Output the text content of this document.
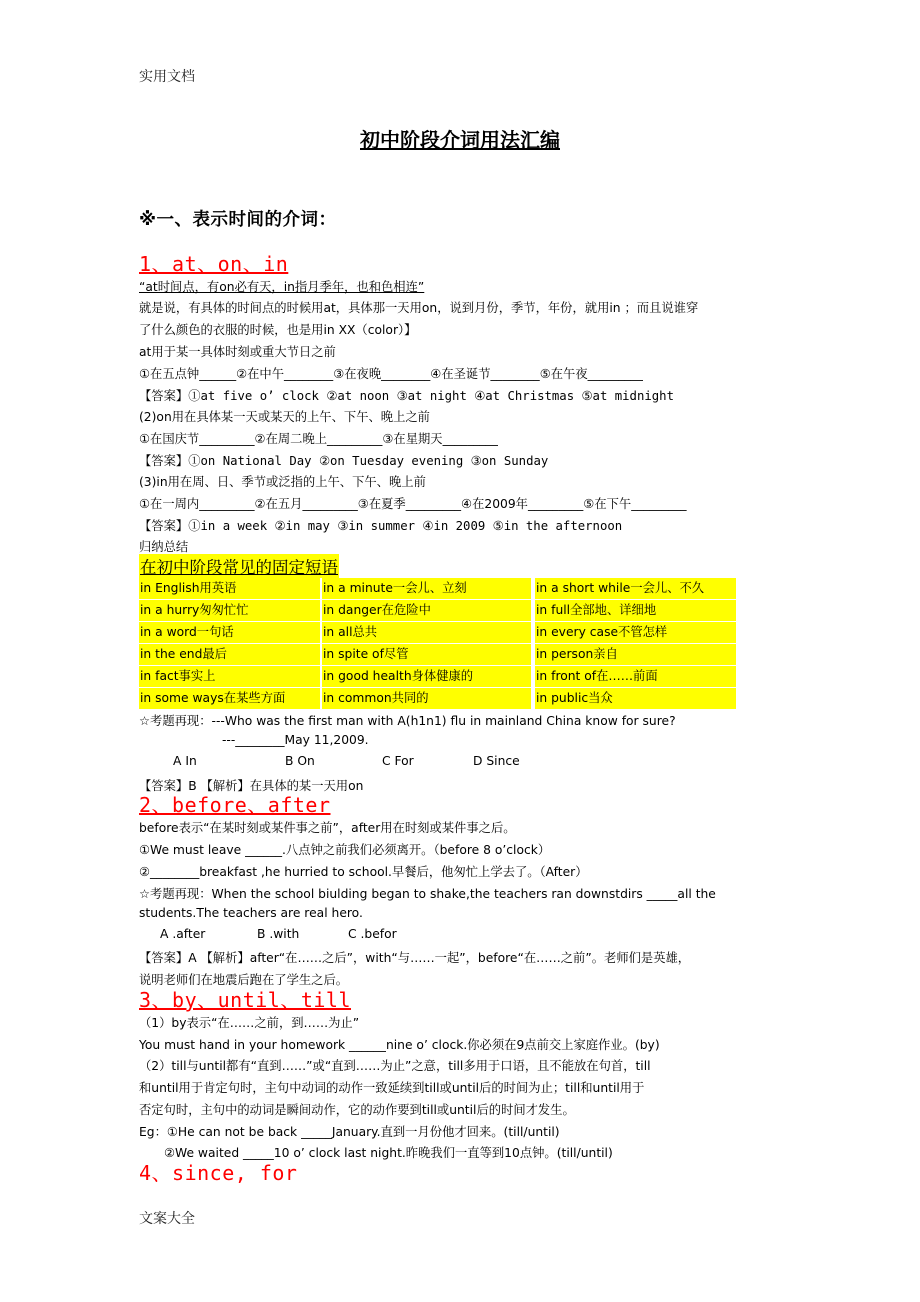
实用文档
初中阶段介词用法汇编
※一、表示时间的介词：
1、at、on、in
“at时间点，有on必有天，in指月季年，也和色相连”
就是说，有具体的时间点的时候用at，具体那一天用on，说到月份，季节，年份，就用in ；而且说谁穿
了什么颜色的衣服的时候，也是用in XX（color）】
at用于某一具体时刻或重大节日之前
①在五点钟______②在中午________③在夜晚________④在圣诞节________⑤在午夜_________
【答案】①at five o’ clock ②at noon ③at night ④at Christmas ⑤at midnight
(2)on用在具体某一天或某天的上午、下午、晚上之前
①在国庆节_________②在周二晚上_________③在星期天_________
【答案】①on National Day ②on Tuesday evening ③on Sunday
(3)in用在周、日、季节或泛指的上午、下午、晚上前
①在一周内_________②在五月_________③在夏季_________④在2009年_________⑤在下午_________
【答案】①in a week ②in may ③in summer ④in 2009 ⑤in the afternoon
归纳总结
在初中阶段常见的固定短语
in English用英语	in a minute一会儿、立刻	in a short while一会儿、不久
in a hurry匆匆忙忙	in danger在危险中	in full全部地、详细地
in a word一句话	in all总共	in every case不管怎样
in the end最后	in spite of尽管	in person亲自
in fact事实上	in good health身体健康的	in front of在……前面
in some ways在某些方面	in common共同的	in public当众
☆考题再现：---Who was the first man with A(h1n1) flu in mainland China know for sure?
---________May 11,2009.
A In	B On	C For	D Since
【答案】B 【解析】在具体的某一天用on
2、before、after
before表示“在某时刻或某件事之前”，after用在时刻或某件事之后。
①We must leave ______.八点钟之前我们必须离开。（before 8 o’clock）
②________breakfast ,he hurried to school.早餐后，他匆忙上学去了。（After）
☆考题再现：When the school biulding began to shake,the teachers ran downstdirs _____all the
students.The teachers are real hero.
A .after	B .with	C .befor
【答案】A 【解析】after“在……之后”，with“与……一起”，before“在……之前”。老师们是英雄，
说明老师们在地震后跑在了学生之后。
3、by、until、till
（1）by表示“在……之前，到……为止”
You must hand in your homework ______nine o’ clock.你必须在9点前交上家庭作业。(by)
（2）till与until都有“直到……”或“直到……为止”之意，till多用于口语，且不能放在句首，till
和until用于肯定句时，主句中动词的动作一致延续到till或until后的时间为止；till和until用于
否定句时，主句中的动词是瞬间动作，它的动作要到till或until后的时间才发生。
Eg：①He can not be back _____January.直到一月份他才回来。(till/until)
②We waited _____10 o’ clock last night.昨晚我们一直等到10点钟。(till/until)
4、since, for
文案大全
